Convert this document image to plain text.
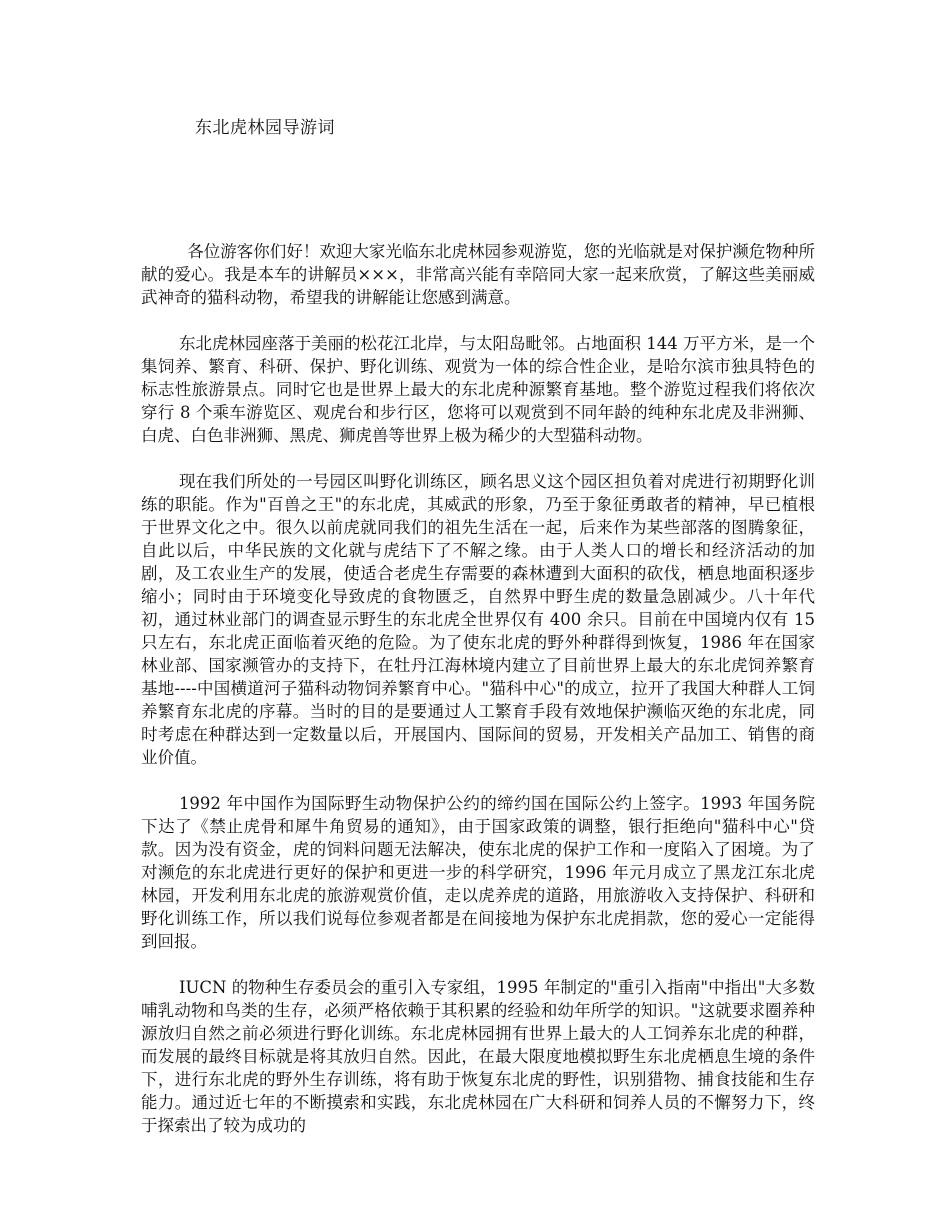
东北虎林园导游词

各位游客你们好！欢迎大家光临东北虎林园参观游览，您的光临就是对保护濒危物种所献的爱心。我是本车的讲解员×××，非常高兴能有幸陪同大家一起来欣赏，了解这些美丽威武神奇的猫科动物，希望我的讲解能让您感到满意。

东北虎林园座落于美丽的松花江北岸，与太阳岛毗邻。占地面积 144 万平方米，是一个集饲养、繁育、科研、保护、野化训练、观赏为一体的综合性企业，是哈尔滨市独具特色的标志性旅游景点。同时它也是世界上最大的东北虎种源繁育基地。整个游览过程我们将依次穿行 8 个乘车游览区、观虎台和步行区，您将可以观赏到不同年龄的纯种东北虎及非洲狮、白虎、白色非洲狮、黑虎、狮虎兽等世界上极为稀少的大型猫科动物。

现在我们所处的一号园区叫野化训练区，顾名思义这个园区担负着对虎进行初期野化训练的职能。作为"百兽之王"的东北虎，其威武的形象，乃至于象征勇敢者的精神，早已植根于世界文化之中。很久以前虎就同我们的祖先生活在一起，后来作为某些部落的图腾象征，自此以后，中华民族的文化就与虎结下了不解之缘。由于人类人口的增长和经济活动的加剧，及工农业生产的发展，使适合老虎生存需要的森林遭到大面积的砍伐，栖息地面积逐步缩小；同时由于环境变化导致虎的食物匮乏，自然界中野生虎的数量急剧减少。八十年代初，通过林业部门的调查显示野生的东北虎全世界仅有 400 余只。目前在中国境内仅有 15 只左右，东北虎正面临着灭绝的危险。为了使东北虎的野外种群得到恢复，1986 年在国家林业部、国家濒管办的支持下，在牡丹江海林境内建立了目前世界上最大的东北虎饲养繁育基地----中国横道河子猫科动物饲养繁育中心。"猫科中心"的成立，拉开了我国大种群人工饲养繁育东北虎的序幕。当时的目的是要通过人工繁育手段有效地保护濒临灭绝的东北虎，同时考虑在种群达到一定数量以后，开展国内、国际间的贸易，开发相关产品加工、销售的商业价值。

1992 年中国作为国际野生动物保护公约的缔约国在国际公约上签字。1993 年国务院下达了《禁止虎骨和犀牛角贸易的通知》，由于国家政策的调整，银行拒绝向"猫科中心"贷款。因为没有资金，虎的饲料问题无法解决，使东北虎的保护工作和一度陷入了困境。为了对濒危的东北虎进行更好的保护和更进一步的科学研究，1996 年元月成立了黑龙江东北虎林园，开发利用东北虎的旅游观赏价值，走以虎养虎的道路，用旅游收入支持保护、科研和野化训练工作，所以我们说每位参观者都是在间接地为保护东北虎捐款，您的爱心一定能得到回报。

IUCN 的物种生存委员会的重引入专家组，1995 年制定的"重引入指南"中指出"大多数哺乳动物和鸟类的生存，必须严格依赖于其积累的经验和幼年所学的知识。"这就要求圈养种源放归自然之前必须进行野化训练。东北虎林园拥有世界上最大的人工饲养东北虎的种群，而发展的最终目标就是将其放归自然。因此，在最大限度地模拟野生东北虎栖息生境的条件下，进行东北虎的野外生存训练，将有助于恢复东北虎的野性，识别猎物、捕食技能和生存能力。通过近七年的不断摸索和实践，东北虎林园在广大科研和饲养人员的不懈努力下，终于探索出了较为成功的
